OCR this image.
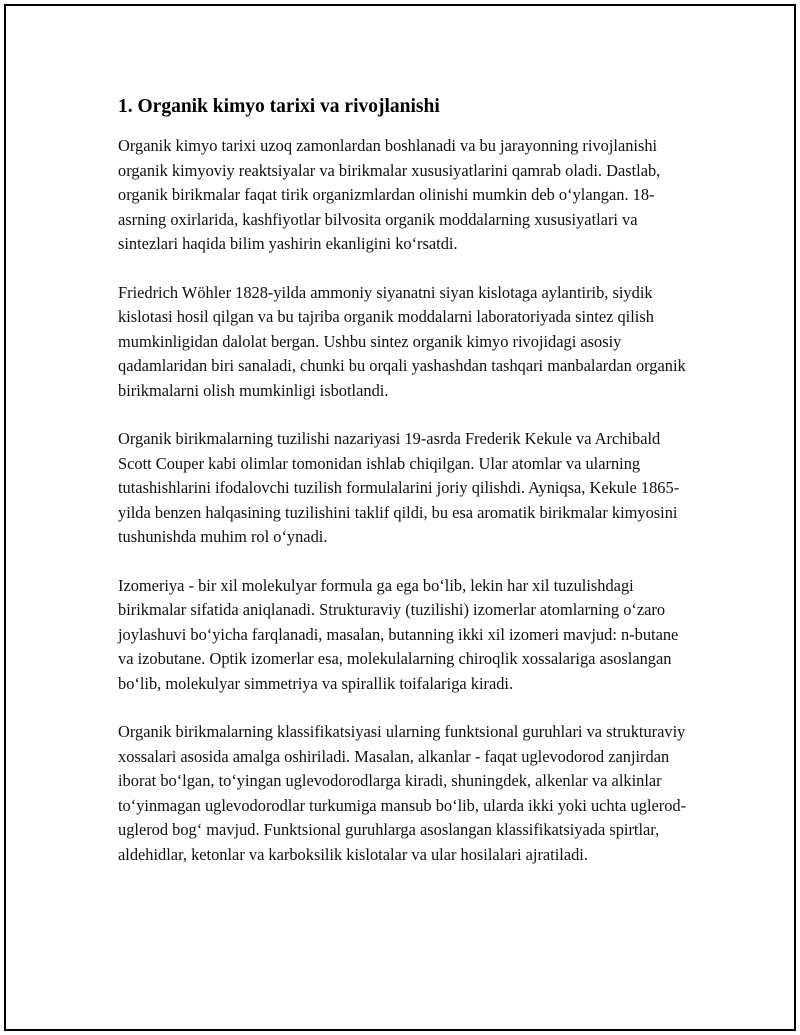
1. Organik kimyo tarixi va rivojlanishi

Organik kimyo tarixi uzoq zamonlardan boshlanadi va bu jarayonning rivojlanishi organik kimyoviy reaktsiyalar va birikmalar xususiyatlarini qamrab oladi. Dastlab, organik birikmalar faqat tirik organizmlardan olinishi mumkin deb o‘ylangan. 18-asrning oxirlarida, kashfiyotlar bilvosita organik moddalarning xususiyatlari va sintezlari haqida bilim yashirin ekanligini ko‘rsatdi.

Friedrich Wöhler 1828-yilda ammoniy siyanatni siyan kislotaga aylantirib, siydik kislotasi hosil qilgan va bu tajriba organik moddalarni laboratoriyada sintez qilish mumkinligidan dalolat bergan. Ushbu sintez organik kimyo rivojidagi asosiy qadamlaridan biri sanaladi, chunki bu orqali yashashdan tashqari manbalardan organik birikmalarni olish mumkinligi isbotlandi.

Organik birikmalarning tuzilishi nazariyasi 19-asrda Frederik Kekule va Archibald Scott Couper kabi olimlar tomonidan ishlab chiqilgan. Ular atomlar va ularning tutashishlarini ifodalovchi tuzilish formulalarini joriy qilishdi. Ayniqsa, Kekule 1865-yilda benzen halqasining tuzilishini taklif qildi, bu esa aromatik birikmalar kimyosini tushunishda muhim rol o‘ynadi.

Izomeriya - bir xil molekulyar formula ga ega bo‘lib, lekin har xil tuzulishdagi birikmalar sifatida aniqlanadi. Strukturaviy (tuzilishi) izomerlar atomlarning o‘zaro joylashuvi bo‘yicha farqlanadi, masalan, butanning ikki xil izomeri mavjud: n-butane va izobutane. Optik izomerlar esa, molekulalarning chiroqlik xossalariga asoslangan bo‘lib, molekulyar simmetriya va spirallik toifalariga kiradi.

Organik birikmalarning klassifikatsiyasi ularning funktsional guruhlari va strukturaviy xossalari asosida amalga oshiriladi. Masalan, alkanlar - faqat uglevodorod zanjirdan iborat bo‘lgan, to‘yingan uglevodorodlarga kiradi, shuningdek, alkenlar va alkinlar to‘yinmagan uglevodorodlar turkumiga mansub bo‘lib, ularda ikki yoki uchta uglerod-uglerod bog‘ mavjud. Funktsional guruhlarga asoslangan klassifikatsiyada spirtlar, aldehidlar, ketonlar va karboksilik kislotalar va ular hosilalari ajratiladi.
